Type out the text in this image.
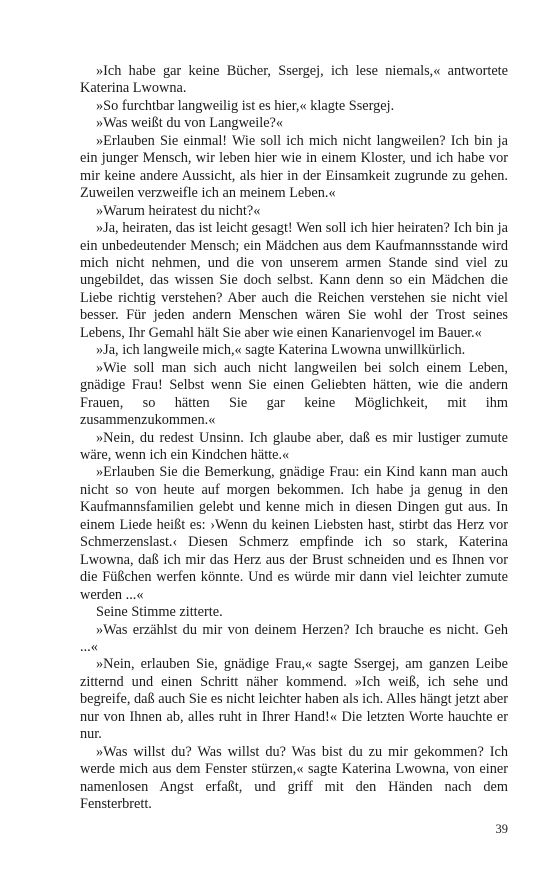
»Ich habe gar keine Bücher, Ssergej, ich lese niemals,« antwortete Katerina Lwowna.

»So furchtbar langweilig ist es hier,« klagte Ssergej.

»Was weißt du von Langweile?«

»Erlauben Sie einmal! Wie soll ich mich nicht langweilen? Ich bin ja ein junger Mensch, wir leben hier wie in einem Kloster, und ich habe vor mir keine andere Aussicht, als hier in der Einsamkeit zugrunde zu gehen. Zuweilen verzweifle ich an meinem Leben.«

»Warum heiratest du nicht?«

»Ja, heiraten, das ist leicht gesagt! Wen soll ich hier heiraten? Ich bin ja ein unbedeutender Mensch; ein Mädchen aus dem Kaufmannsstande wird mich nicht nehmen, und die von unserem armen Stande sind viel zu ungebildet, das wissen Sie doch selbst. Kann denn so ein Mädchen die Liebe richtig verstehen? Aber auch die Reichen verstehen sie nicht viel besser. Für jeden andern Menschen wären Sie wohl der Trost seines Lebens, Ihr Gemahl hält Sie aber wie einen Kanarienvogel im Bauer.«

»Ja, ich langweile mich,« sagte Katerina Lwowna unwillkürlich.

»Wie soll man sich auch nicht langweilen bei solch einem Leben, gnädige Frau! Selbst wenn Sie einen Geliebten hätten, wie die andern Frauen, so hätten Sie gar keine Möglichkeit, mit ihm zusammenzukommen.«

»Nein, du redest Unsinn. Ich glaube aber, daß es mir lustiger zumute wäre, wenn ich ein Kindchen hätte.«

»Erlauben Sie die Bemerkung, gnädige Frau: ein Kind kann man auch nicht so von heute auf morgen bekommen. Ich habe ja genug in den Kaufmannsfamilien gelebt und kenne mich in diesen Dingen gut aus. In einem Liede heißt es: ›Wenn du keinen Liebsten hast, stirbt das Herz vor Schmerzenslast.‹ Diesen Schmerz empfinde ich so stark, Katerina Lwowna, daß ich mir das Herz aus der Brust schneiden und es Ihnen vor die Füßchen werfen könnte. Und es würde mir dann viel leichter zumute werden ...«

Seine Stimme zitterte.

»Was erzählst du mir von deinem Herzen? Ich brauche es nicht. Geh ...«

»Nein, erlauben Sie, gnädige Frau,« sagte Ssergej, am ganzen Leibe zitternd und einen Schritt näher kommend. »Ich weiß, ich sehe und begreife, daß auch Sie es nicht leichter haben als ich. Alles hängt jetzt aber nur von Ihnen ab, alles ruht in Ihrer Hand!« Die letzten Worte hauchte er nur.

»Was willst du? Was willst du? Was bist du zu mir gekommen? Ich werde mich aus dem Fenster stürzen,« sagte Katerina Lwowna, von einer namenlosen Angst erfaßt, und griff mit den Händen nach dem Fensterbrett.

39
